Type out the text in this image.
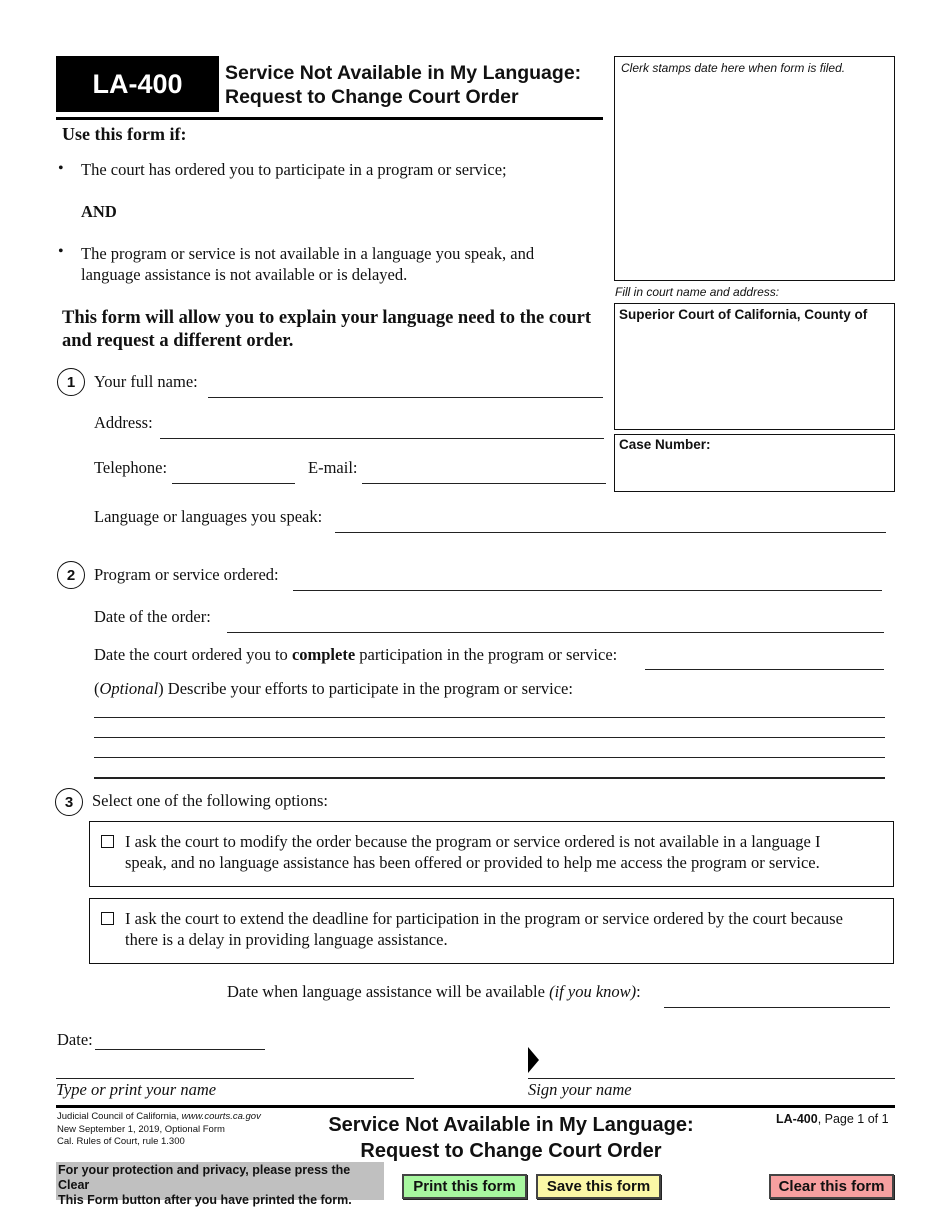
LA-400	Service Not Available in My Language:
Request to Change Court Order
Clerk stamps date here when form is filed.
Fill in court name and address:
Superior Court of California, County of
Case Number:
Use this form if:
• The court has ordered you to participate in a program or service;
AND
• The program or service is not available in a language you speak, and
language assistance is not available or is delayed.
This form will allow you to explain your language need to the court
and request a different order.
1	Your full name:
Address:
Telephone:	E-mail:
Language or languages you speak:
2	Program or service ordered:
Date of the order:
Date the court ordered you to complete participation in the program or service:
(Optional) Describe your efforts to participate in the program or service:
3	Select one of the following options:
I ask the court to modify the order because the program or service ordered is not available in a language I
speak, and no language assistance has been offered or provided to help me access the program or service.
I ask the court to extend the deadline for participation in the program or service ordered by the court because
there is a delay in providing language assistance.
Date when language assistance will be available (if you know):
Date:
Type or print your name	Sign your name
Judicial Council of California, www.courts.ca.gov
New September 1, 2019, Optional Form
Cal. Rules of Court, rule 1.300
Service Not Available in My Language:
Request to Change Court Order
LA-400, Page 1 of 1
For your protection and privacy, please press the Clear
This Form button after you have printed the form.
Print this form	Save this form	Clear this form
